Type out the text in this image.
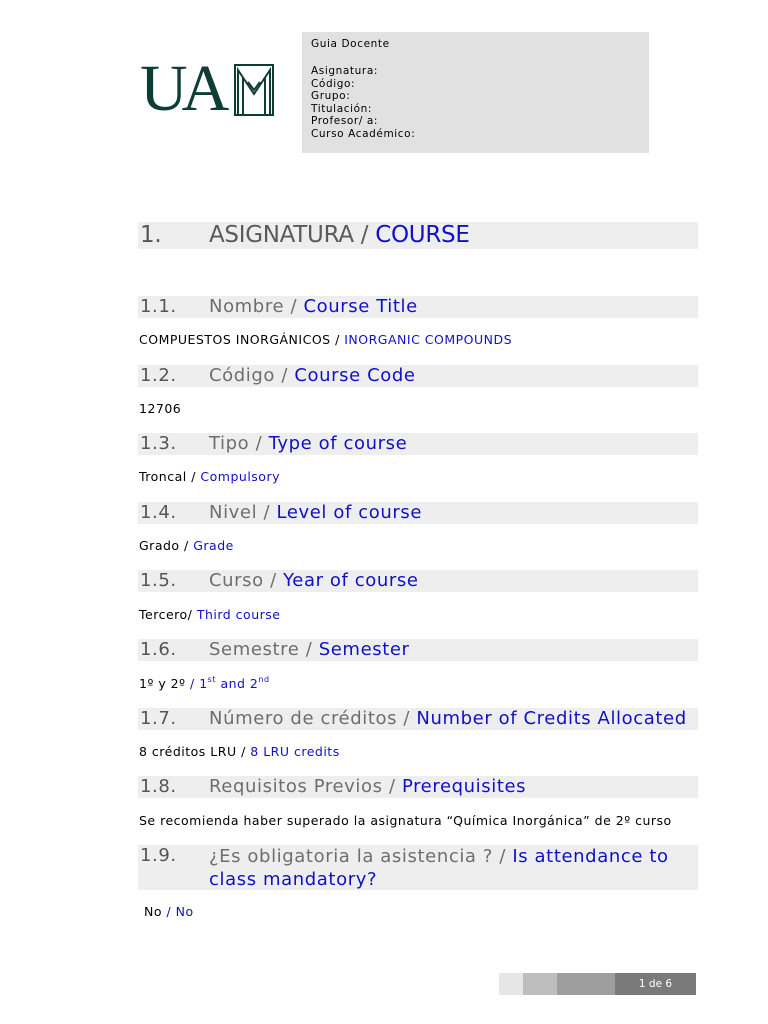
UA
Guia Docente
Asignatura:
Código:
Grupo:
Titulación:
Profesor/ a:
Curso Académico:
1. ASIGNATURA / COURSE
1.1. Nombre / Course Title
COMPUESTOS INORGÁNICOS / INORGANIC COMPOUNDS
1.2. Código / Course Code
12706
1.3. Tipo / Type of course
Troncal / Compulsory
1.4. Nivel / Level of course
Grado / Grade
1.5. Curso / Year of course
Tercero/ Third course
1.6. Semestre / Semester
1º y 2º / 1st and 2nd
1.7. Número de créditos / Number of Credits Allocated
8 créditos LRU / 8 LRU credits
1.8. Requisitos Previos / Prerequisites
Se recomienda haber superado la asignatura “Química Inorgánica” de 2º curso
1.9. ¿Es obligatoria la asistencia ? / Is attendance to class mandatory?
No / No
1 de 6
